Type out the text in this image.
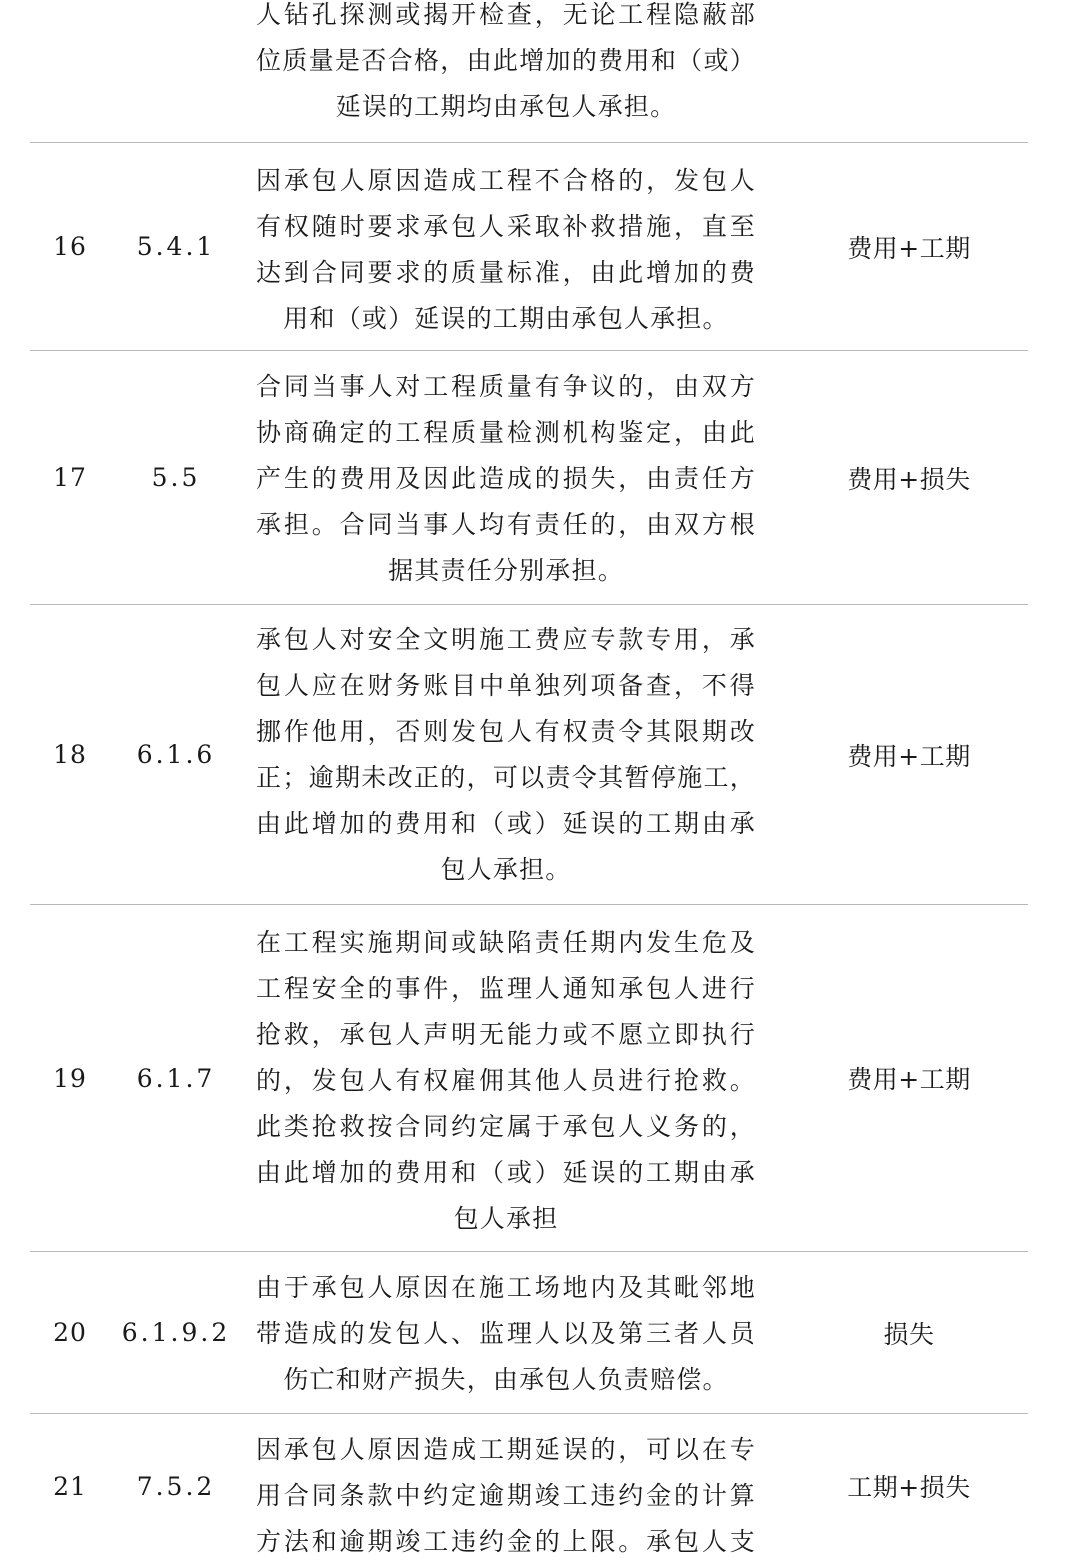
人钻孔探测或揭开检查，无论工程隐蔽部
位质量是否合格，由此增加的费用和（或）
延误的工期均由承包人承担。
16	5.4.1
因承包人原因造成工程不合格的，发包人
有权随时要求承包人采取补救措施，直至
达到合同要求的质量标准，由此增加的费
用和（或）延误的工期由承包人承担。
费用+工期
17	5.5
合同当事人对工程质量有争议的，由双方
协商确定的工程质量检测机构鉴定，由此
产生的费用及因此造成的损失，由责任方
承担。合同当事人均有责任的，由双方根
据其责任分别承担。
费用+损失
18	6.1.6
承包人对安全文明施工费应专款专用，承
包人应在财务账目中单独列项备查，不得
挪作他用，否则发包人有权责令其限期改
正；逾期未改正的，可以责令其暂停施工，
由此增加的费用和（或）延误的工期由承
包人承担。
费用+工期
19	6.1.7
在工程实施期间或缺陷责任期内发生危及
工程安全的事件，监理人通知承包人进行
抢救，承包人声明无能力或不愿立即执行
的，发包人有权雇佣其他人员进行抢救。
此类抢救按合同约定属于承包人义务的，
由此增加的费用和（或）延误的工期由承
包人承担
费用+工期
20	6.1.9.2
由于承包人原因在施工场地内及其毗邻地
带造成的发包人、监理人以及第三者人员
伤亡和财产损失，由承包人负责赔偿。
损失
21	7.5.2
因承包人原因造成工期延误的，可以在专
用合同条款中约定逾期竣工违约金的计算
方法和逾期竣工违约金的上限。承包人支
工期+损失
